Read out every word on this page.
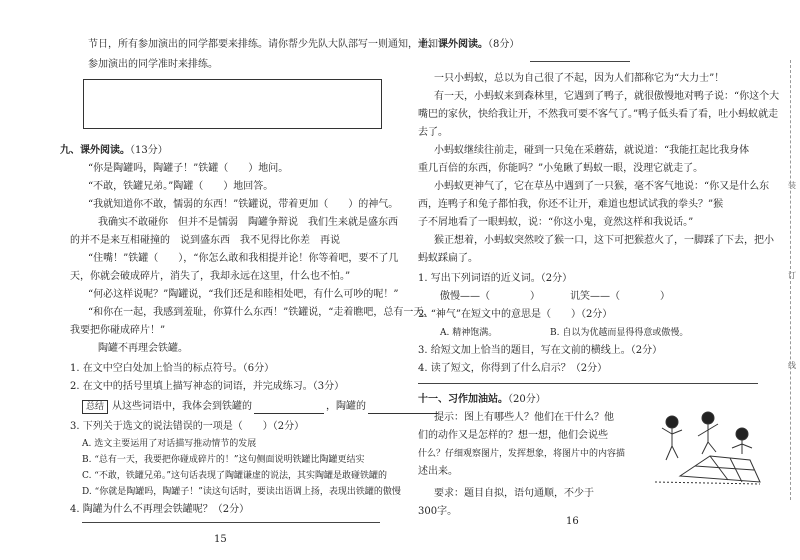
节日，所有参加演出的同学都要来排练。请你帮少先队大队部写一则通知，通知
参加演出的同学准时来排练。
九、课外阅读。（13分）
“你是陶罐吗，陶罐子！”铁罐（　　）地问。
“不敢，铁罐兄弟。”陶罐（　　）地回答。
“我就知道你不敢，懦弱的东西！”铁罐说，带着更加（　　）的神气。
我确实不敢碰你　但并不是懦弱　陶罐争辩说　我们生来就是盛东西
的并不是来互相碰撞的　说到盛东西　我不见得比你差　再说　
“住嘴！”铁罐（　　），“你怎么敢和我相提并论！你等着吧，要不了几
天，你就会破成碎片，消失了，我却永远在这里，什么也不怕。”
“何必这样说呢？”陶罐说，“我们还是和睦相处吧，有什么可吵的呢！”
“和你在一起，我感到羞耻，你算什么东西！”铁罐说，“走着瞧吧，总有一天，
我要把你碰成碎片！”
陶罐不再理会铁罐。
1. 在文中空白处加上恰当的标点符号。（6分）
2. 在文中的括号里填上描写神态的词语，并完成练习。（3分）
总结 从这些词语中，我体会到铁罐的	，陶罐的
3. 下列关于选文的说法错误的一项是（　　）（2分）
A. 选文主要运用了对话描写推动情节的发展
B. “总有一天，我要把你碰成碎片的！”这句侧面说明铁罐比陶罐更结实
C. “不敢，铁罐兄弟。”这句话表现了陶罐谦虚的说法，其实陶罐是敢碰铁罐的
D. “你就是陶罐吗，陶罐子！”读这句话时，要读出语调上扬，表现出铁罐的傲慢
4. 陶罐为什么不再理会铁罐呢？（2分）
15
十、课外阅读。（8分）
一只小蚂蚁，总以为自己很了不起，因为人们都称它为“大力士”！
有一天，小蚂蚁来到森林里，它遇到了鸭子，就很傲慢地对鸭子说：“你这个大
嘴巴的家伙，快给我让开，不然我可要不客气了。”鸭子低头看了看，吐小蚂蚁就走
去了。
小蚂蚁继续往前走，碰到一只兔在采蘑菇，就说道：“我能扛起比我身体
重几百倍的东西，你能吗？”小兔瞅了蚂蚁一眼，没理它就走了。
小蚂蚁更神气了，它在草丛中遇到了一只猴，毫不客气地说：“你又是什么东
西，连鸭子和兔子都怕我，你还不让开，难道也想试试我的拳头？”猴
子不屑地看了一眼蚂蚁，说：“你这小鬼，竟然这样和我说话。”
猴正想着，小蚂蚁突然咬了猴一口，这下可把猴惹火了，一脚踩了下去，把小
蚂蚁踩扁了。
1. 写出下列词语的近义词。（2分）
傲慢——（　　　　）	讥笑——（　　　　）
2. “神气”在短文中的意思是（　　）（2分）
A. 精神饱满。	B. 自以为优越而显得得意或傲慢。
3. 给短文加上恰当的题目，写在文前的横线上。（2分）
4. 读了短文，你得到了什么启示？（2分）
十一、习作加油站。（20分）
提示：图上有哪些人？他们在干什么？他
们的动作又是怎样的？想一想，他们会说些
什么？仔细观察图片，发挥想象，将图片中的内容描
述出来。
要求：题目自拟，语句通顺，不少于
300字。
16
装
订
线
